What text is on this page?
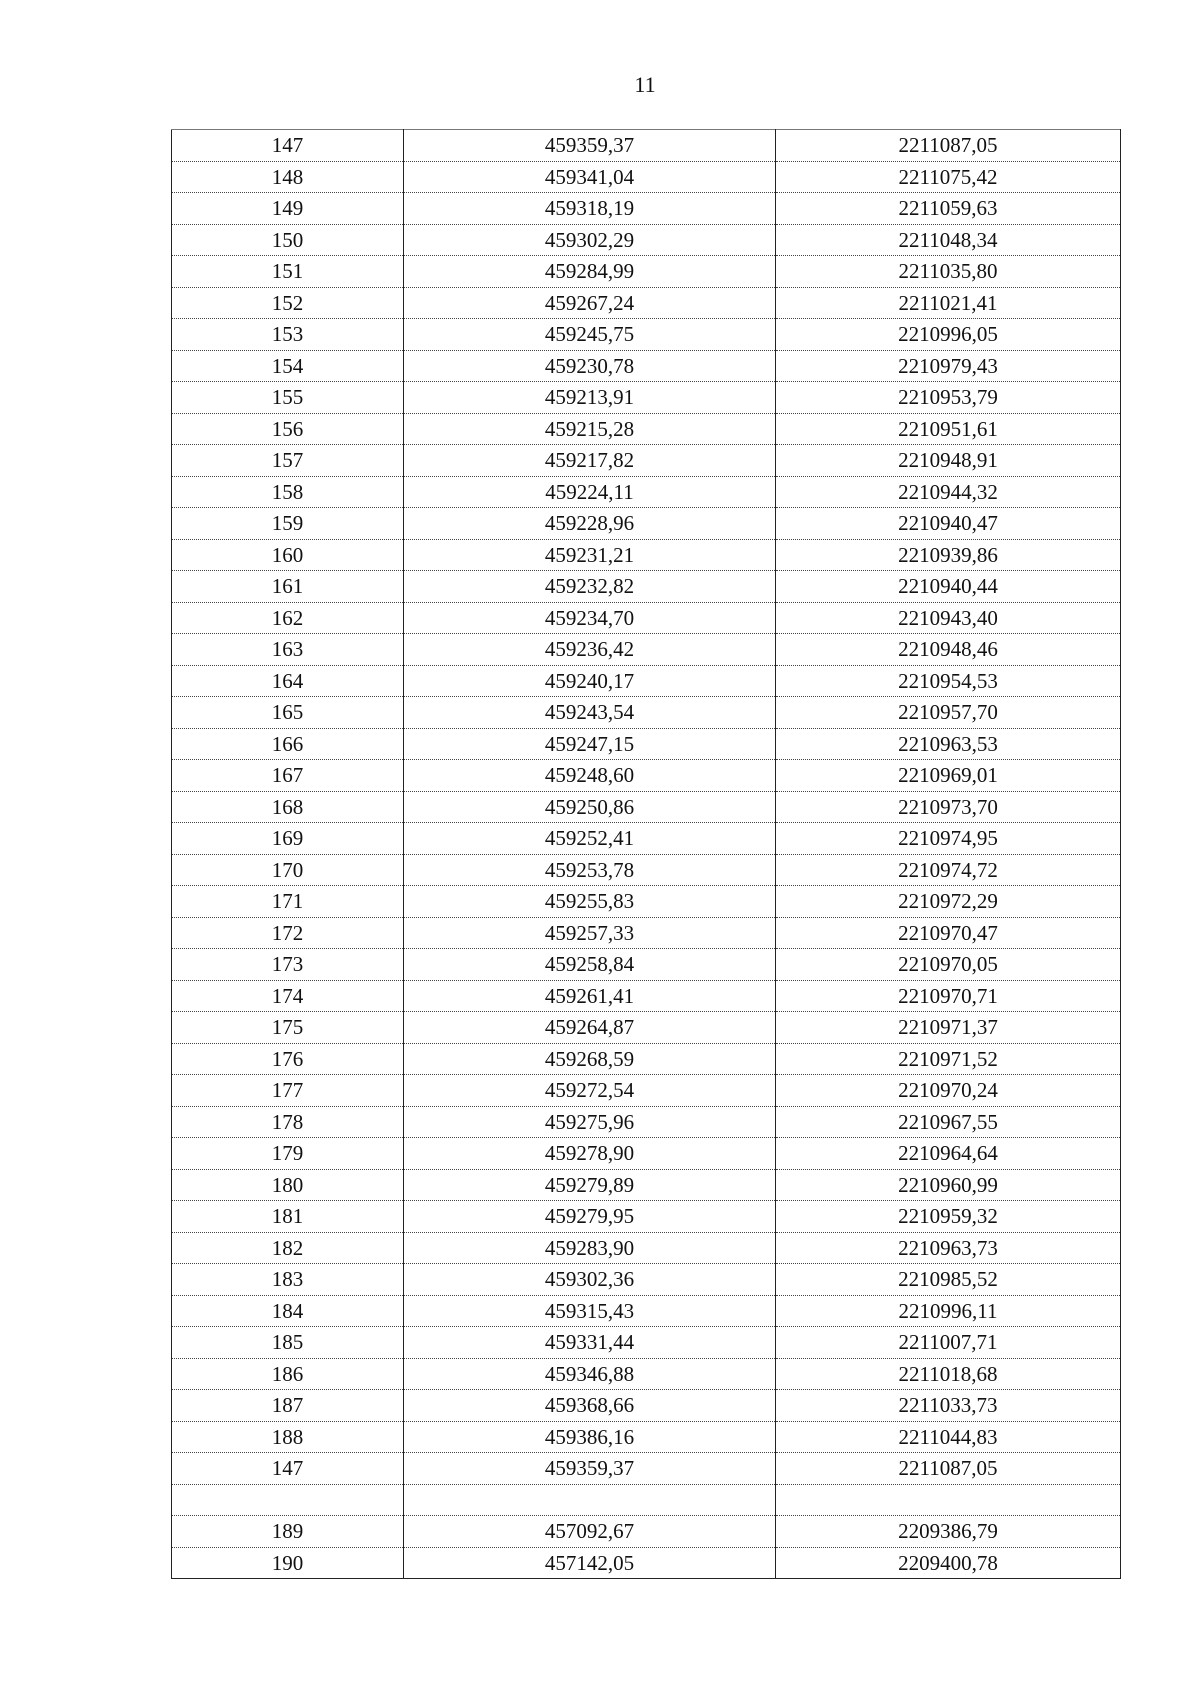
11
147	459359,37	2211087,05
148	459341,04	2211075,42
149	459318,19	2211059,63
150	459302,29	2211048,34
151	459284,99	2211035,80
152	459267,24	2211021,41
153	459245,75	2210996,05
154	459230,78	2210979,43
155	459213,91	2210953,79
156	459215,28	2210951,61
157	459217,82	2210948,91
158	459224,11	2210944,32
159	459228,96	2210940,47
160	459231,21	2210939,86
161	459232,82	2210940,44
162	459234,70	2210943,40
163	459236,42	2210948,46
164	459240,17	2210954,53
165	459243,54	2210957,70
166	459247,15	2210963,53
167	459248,60	2210969,01
168	459250,86	2210973,70
169	459252,41	2210974,95
170	459253,78	2210974,72
171	459255,83	2210972,29
172	459257,33	2210970,47
173	459258,84	2210970,05
174	459261,41	2210970,71
175	459264,87	2210971,37
176	459268,59	2210971,52
177	459272,54	2210970,24
178	459275,96	2210967,55
179	459278,90	2210964,64
180	459279,89	2210960,99
181	459279,95	2210959,32
182	459283,90	2210963,73
183	459302,36	2210985,52
184	459315,43	2210996,11
185	459331,44	2211007,71
186	459346,88	2211018,68
187	459368,66	2211033,73
188	459386,16	2211044,83
147	459359,37	2211087,05

189	457092,67	2209386,79
190	457142,05	2209400,78
